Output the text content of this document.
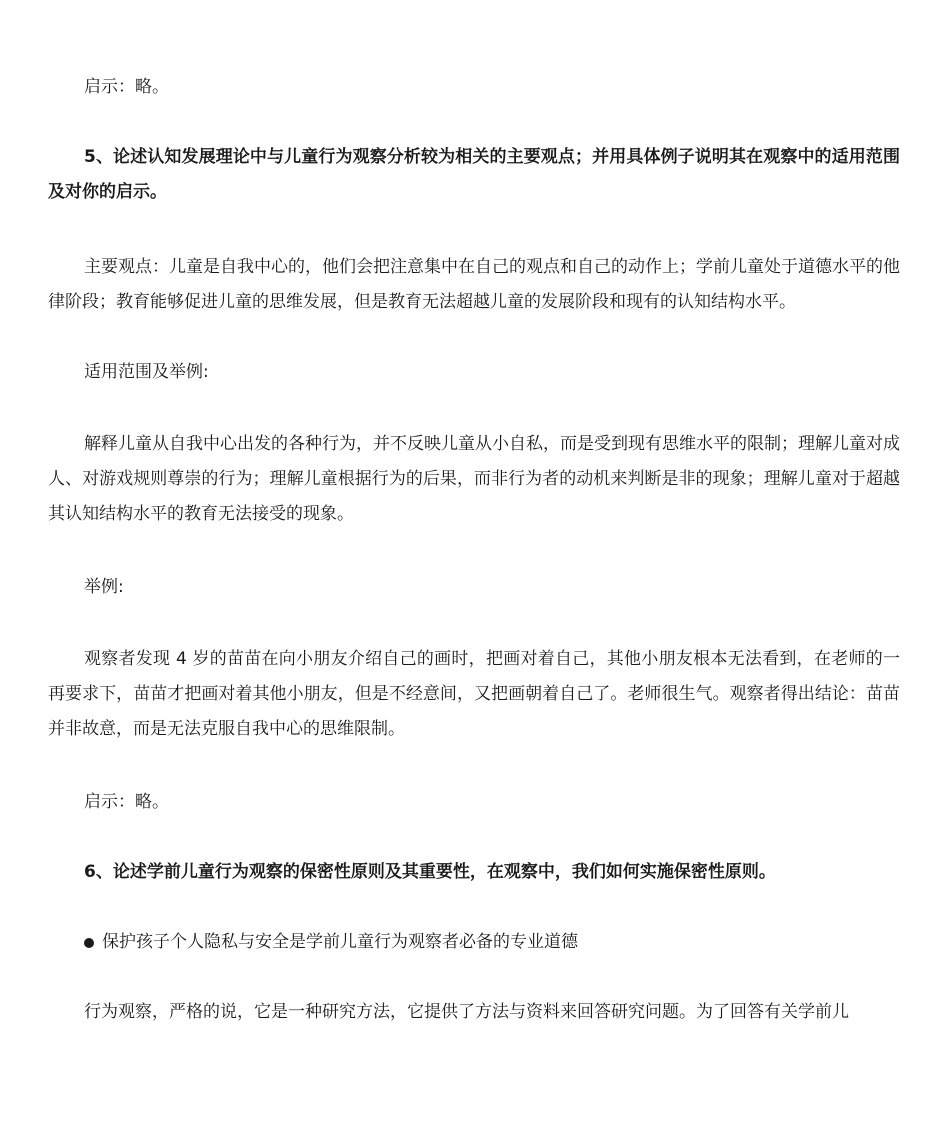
启示：略。

5、论述认知发展理论中与儿童行为观察分析较为相关的主要观点；并用具体例子说明其在观察中的适用范围及对你的启示。

主要观点：儿童是自我中心的，他们会把注意集中在自己的观点和自己的动作上；学前儿童处于道德水平的他律阶段；教育能够促进儿童的思维发展，但是教育无法超越儿童的发展阶段和现有的认知结构水平。

适用范围及举例:

解释儿童从自我中心出发的各种行为，并不反映儿童从小自私，而是受到现有思维水平的限制；理解儿童对成人、对游戏规则尊崇的行为；理解儿童根据行为的后果，而非行为者的动机来判断是非的现象；理解儿童对于超越其认知结构水平的教育无法接受的现象。

举例:

观察者发现 4 岁的苗苗在向小朋友介绍自己的画时，把画对着自己，其他小朋友根本无法看到，在老师的一再要求下，苗苗才把画对着其他小朋友，但是不经意间，又把画朝着自己了。老师很生气。观察者得出结论：苗苗并非故意，而是无法克服自我中心的思维限制。

启示：略。

6、论述学前儿童行为观察的保密性原则及其重要性，在观察中，我们如何实施保密性原则。

保护孩子个人隐私与安全是学前儿童行为观察者必备的专业道德

行为观察，严格的说，它是一种研究方法，它提供了方法与资料来回答研究问题。为了回答有关学前儿
